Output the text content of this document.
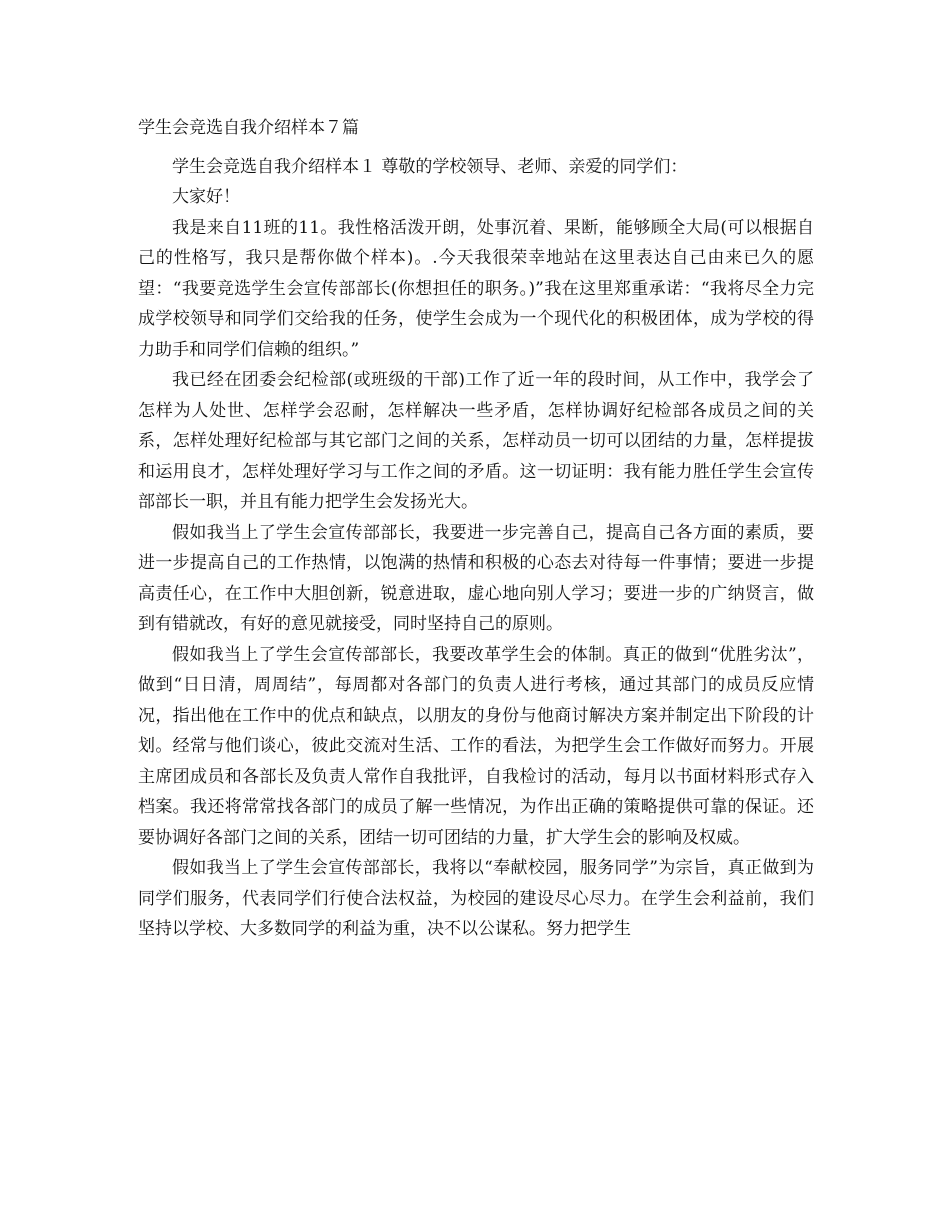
学生会竞选自我介绍样本７篇

学生会竞选自我介绍样本１ 尊敬的学校领导、老师、亲爱的同学们：

大家好！

我是来自11班的11。我性格活泼开朗，处事沉着、果断，能够顾全大局(可以根据自己的性格写，我只是帮你做个样本)。.今天我很荣幸地站在这里表达自己由来已久的愿望：“我要竞选学生会宣传部部长(你想担任的职务。)”我在这里郑重承诺：“我将尽全力完成学校领导和同学们交给我的任务，使学生会成为一个现代化的积极团体，成为学校的得力助手和同学们信赖的组织。”

我已经在团委会纪检部(或班级的干部)工作了近一年的段时间，从工作中，我学会了怎样为人处世、怎样学会忍耐，怎样解决一些矛盾，怎样协调好纪检部各成员之间的关系，怎样处理好纪检部与其它部门之间的关系，怎样动员一切可以团结的力量，怎样提拔和运用良才，怎样处理好学习与工作之间的矛盾。这一切证明：我有能力胜任学生会宣传部部长一职，并且有能力把学生会发扬光大。

假如我当上了学生会宣传部部长，我要进一步完善自己，提高自己各方面的素质，要进一步提高自己的工作热情，以饱满的热情和积极的心态去对待每一件事情；要进一步提高责任心，在工作中大胆创新，锐意进取，虚心地向别人学习；要进一步的广纳贤言，做到有错就改，有好的意见就接受，同时坚持自己的原则。

假如我当上了学生会宣传部部长，我要改革学生会的体制。真正的做到“优胜劣汰”，做到“日日清，周周结”，每周都对各部门的负责人进行考核，通过其部门的成员反应情况，指出他在工作中的优点和缺点，以朋友的身份与他商讨解决方案并制定出下阶段的计划。经常与他们谈心，彼此交流对生活、工作的看法，为把学生会工作做好而努力。开展主席团成员和各部长及负责人常作自我批评，自我检讨的活动，每月以书面材料形式存入档案。我还将常常找各部门的成员了解一些情况，为作出正确的策略提供可靠的保证。还要协调好各部门之间的关系，团结一切可团结的力量，扩大学生会的影响及权威。

假如我当上了学生会宣传部部长，我将以“奉献校园，服务同学”为宗旨，真正做到为同学们服务，代表同学们行使合法权益，为校园的建设尽心尽力。在学生会利益前，我们坚持以学校、大多数同学的利益为重，决不以公谋私。努力把学生
